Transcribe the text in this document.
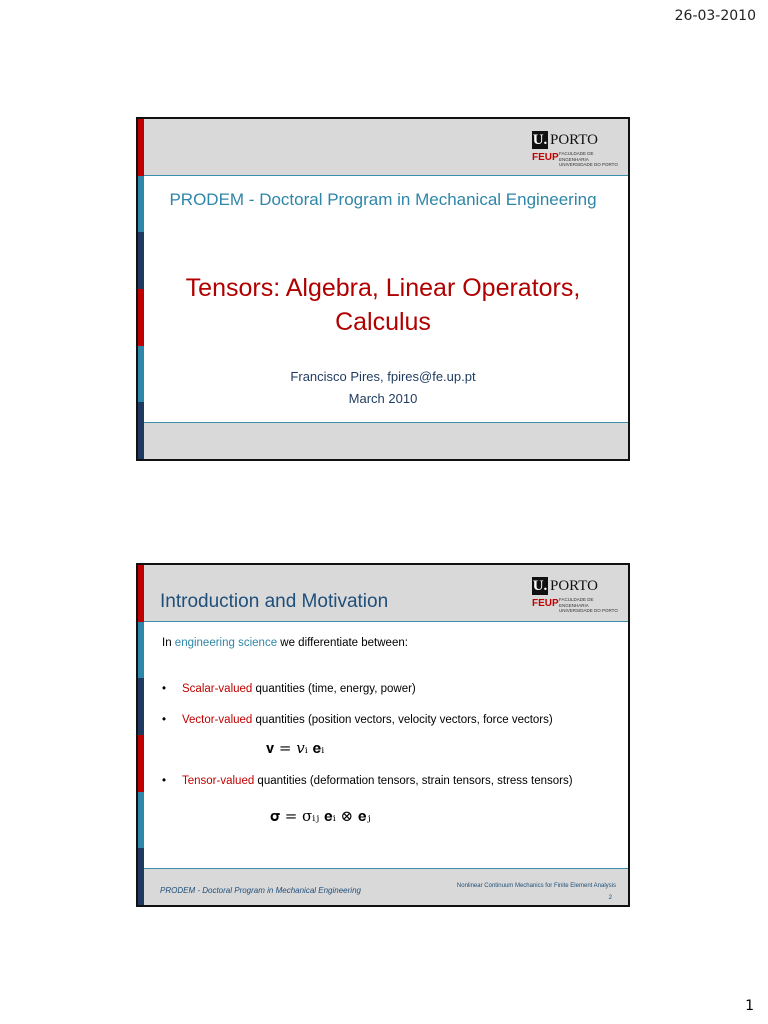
26-03-2010
U. PORTO
FEUP FACULDADE DE ENGENHARIA UNIVERSIDADE DO PORTO
PRODEM - Doctoral Program in Mechanical Engineering
Tensors: Algebra, Linear Operators, Calculus
Francisco Pires, fpires@fe.up.pt
March 2010
Introduction and Motivation
U. PORTO
FEUP FACULDADE DE ENGENHARIA UNIVERSIDADE DO PORTO
In engineering science we differentiate between:
• Scalar-valued quantities (time, energy, power)
• Vector-valued quantities (position vectors, velocity vectors, force vectors)
𝐯 = 𝑣ᵢ 𝐞ᵢ
• Tensor-valued quantities (deformation tensors, strain tensors, stress tensors)
𝛔 = σᵢⱼ 𝐞ᵢ ⊗ 𝐞ⱼ
PRODEM - Doctoral Program in Mechanical Engineering	Nonlinear Continuum Mechanics for Finite Element Analysis
2
1
